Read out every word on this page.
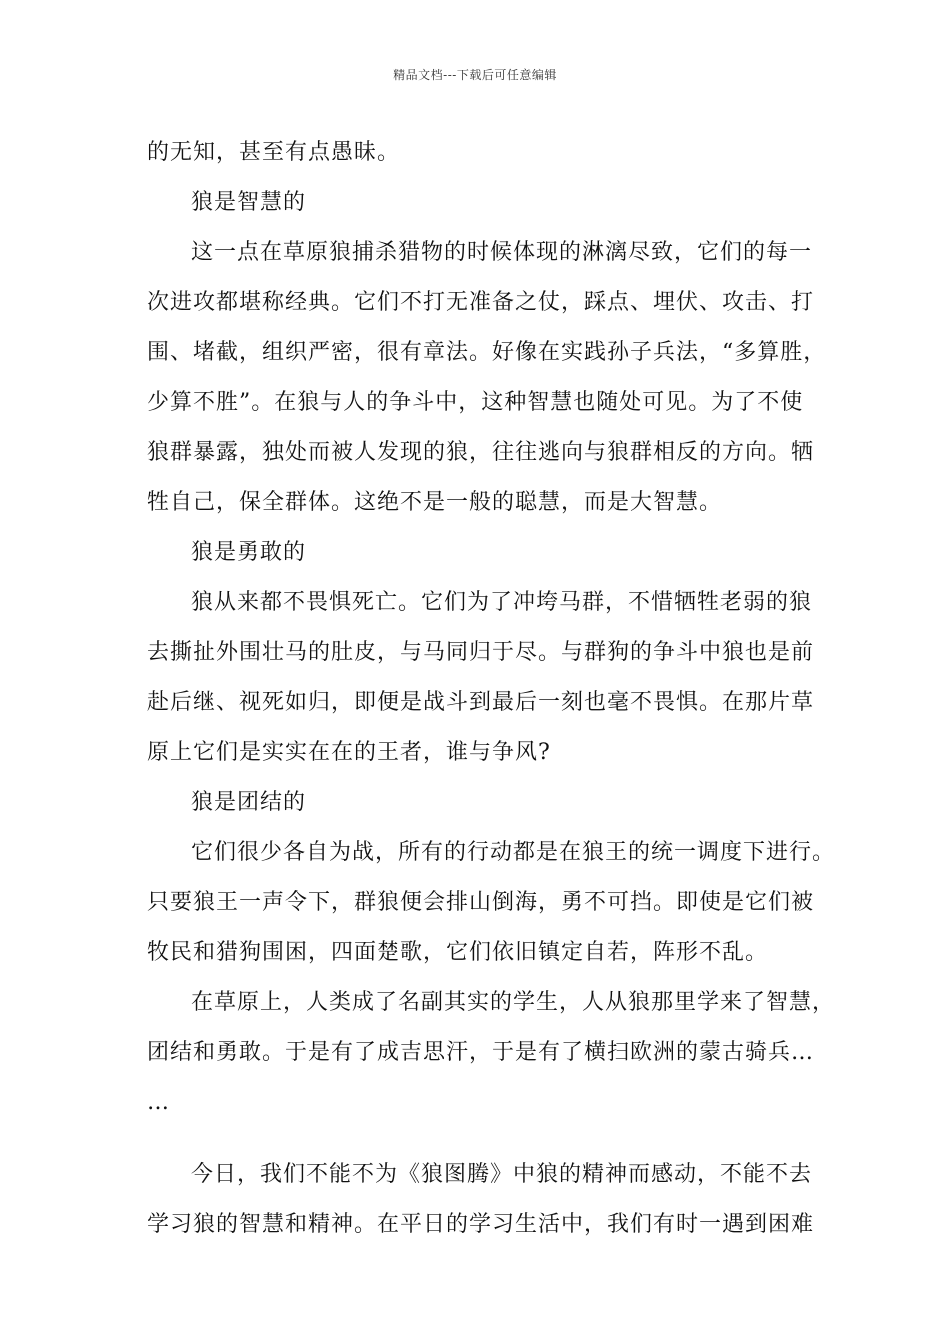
精品文档---下载后可任意编辑
的无知，甚至有点愚昧。
狼是智慧的
这一点在草原狼捕杀猎物的时候体现的淋漓尽致，它们的每一
次进攻都堪称经典。它们不打无准备之仗，踩点、埋伏、攻击、打
围、堵截，组织严密，很有章法。好像在实践孙子兵法，“多算胜，
少算不胜”。在狼与人的争斗中，这种智慧也随处可见。为了不使
狼群暴露，独处而被人发现的狼，往往逃向与狼群相反的方向。牺
牲自己，保全群体。这绝不是一般的聪慧，而是大智慧。
狼是勇敢的
狼从来都不畏惧死亡。它们为了冲垮马群，不惜牺牲老弱的狼
去撕扯外围壮马的肚皮，与马同归于尽。与群狗的争斗中狼也是前
赴后继、视死如归，即便是战斗到最后一刻也毫不畏惧。在那片草
原上它们是实实在在的王者，谁与争风?
狼是团结的
它们很少各自为战，所有的行动都是在狼王的统一调度下进行。
只要狼王一声令下，群狼便会排山倒海，勇不可挡。即使是它们被
牧民和猎狗围困，四面楚歌，它们依旧镇定自若，阵形不乱。
在草原上，人类成了名副其实的学生，人从狼那里学来了智慧，
团结和勇敢。于是有了成吉思汗，于是有了横扫欧洲的蒙古骑兵…
…
今日，我们不能不为《狼图腾》中狼的精神而感动，不能不去
学习狼的智慧和精神。在平日的学习生活中，我们有时一遇到困难
